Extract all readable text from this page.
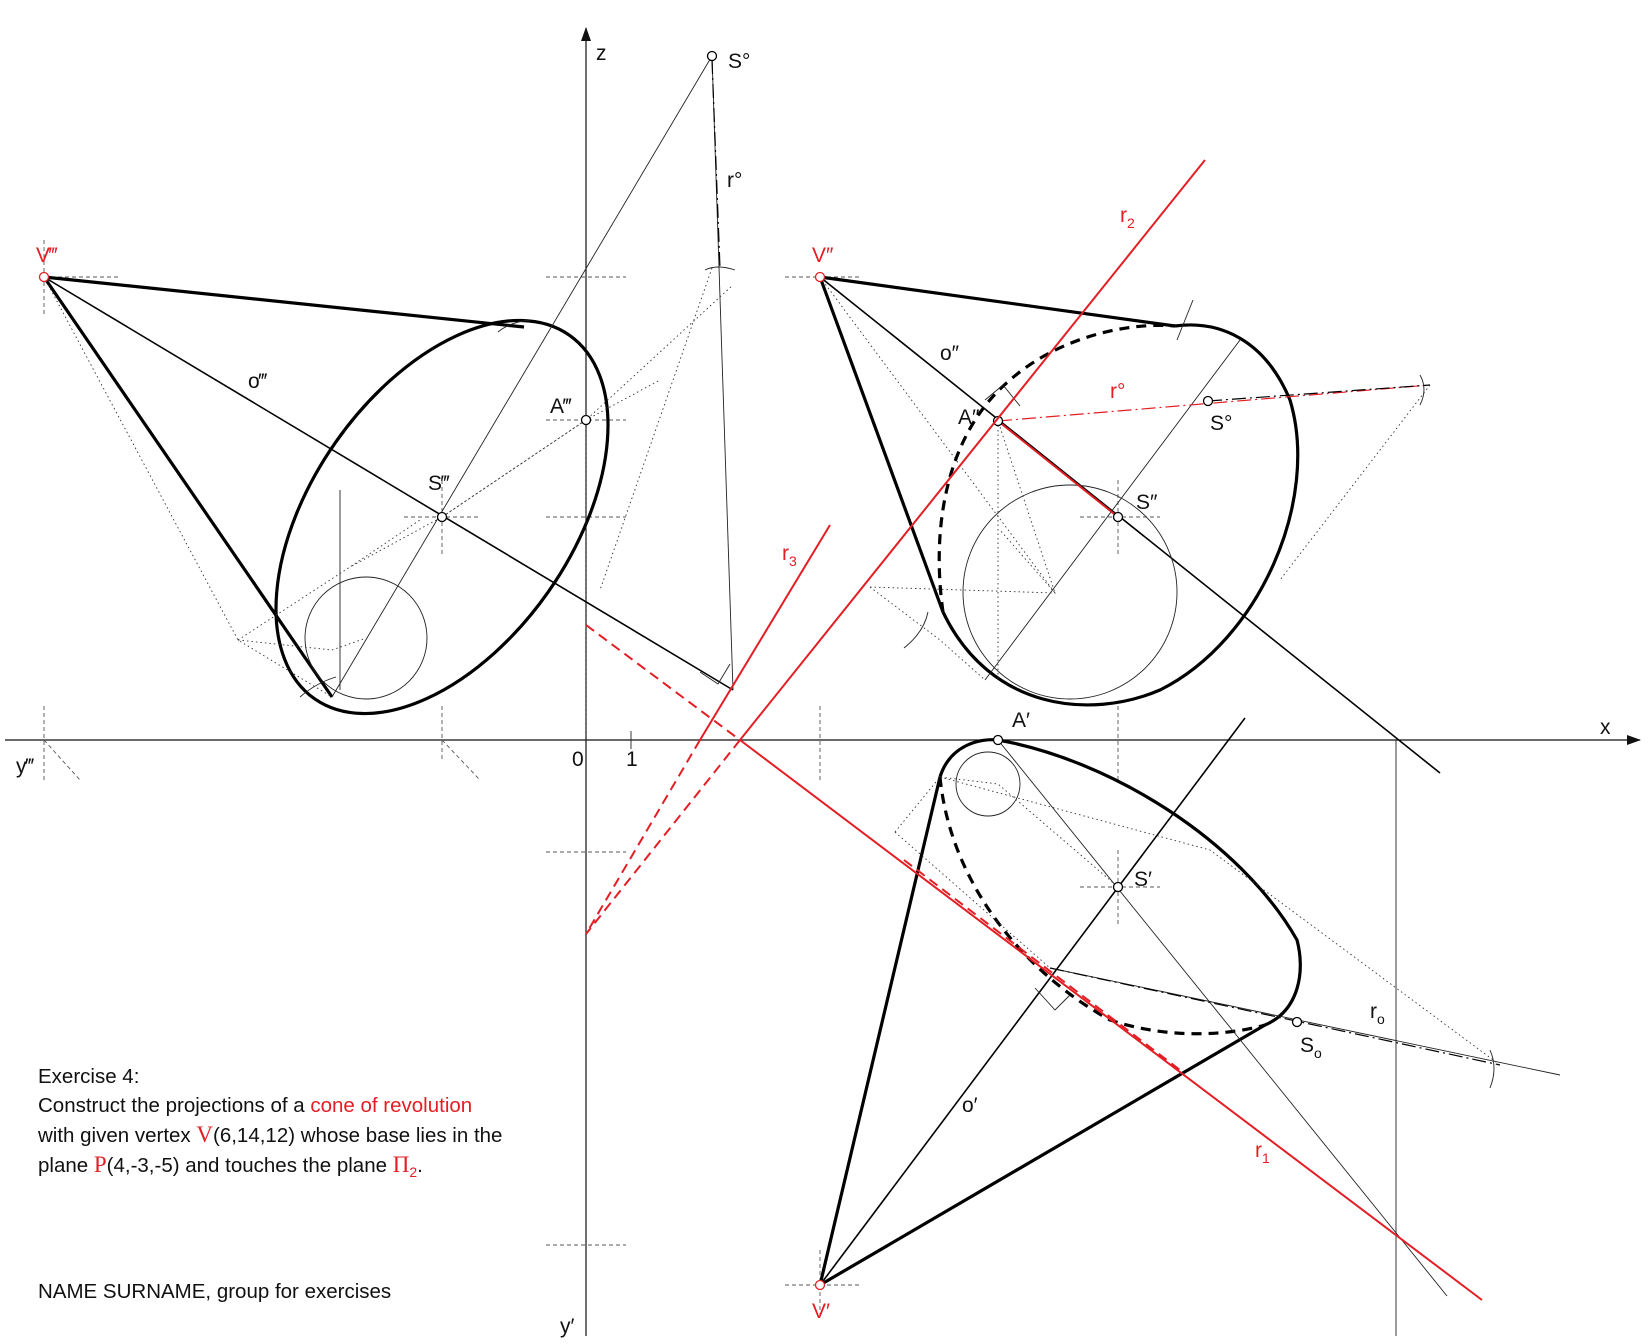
z
x
y‴
y′
0 1
V‴
o‴
A‴
S‴
S°
r°
V″
o″
A″
S″
r°
S°
V′
o′
A′
S′
$S_o$
$r_o$
$r_2$
$r_1$
$r_3$

Exercise 4:

Construct the projections of a cone of revolution

with given vertex V(6,14,12) whose base lies in the

plane P(4,-3,-5) and touches the plane $\Pi_2$.

NAME SURNAME, group for exercises
